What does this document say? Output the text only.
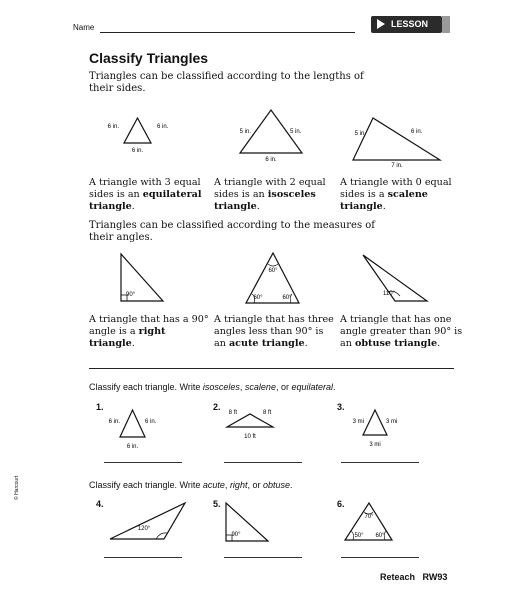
Name	LESSON 18.2
Classify Triangles
Triangles can be classified according to the lengths of their sides.
6 in.	6 in.
6 in.
5 in.	5 in.
6 in.
5 in.	6 in.
7 in.
A triangle with 3 equal sides is an equilateral triangle.
A triangle with 2 equal sides is an isosceles triangle.
A triangle with 0 equal sides is a scalene triangle.
Triangles can be classified according to the measures of their angles.
90°
60°
60°	60°
110°
A triangle that has a 90° angle is a right triangle.
A triangle that has three angles less than 90° is an acute triangle.
A triangle that has one angle greater than 90° is an obtuse triangle.
Classify each triangle. Write isosceles, scalene, or equilateral.
1.	2.	3.
6 in.	6 in.
6 in.
8 ft	8 ft
10 ft
3 mi	3 mi
3 mi
Classify each triangle. Write acute, right, or obtuse.
4.	5.	6.
120°
90°
70°
50° 60°
Reteach RW93
© Harcourt
